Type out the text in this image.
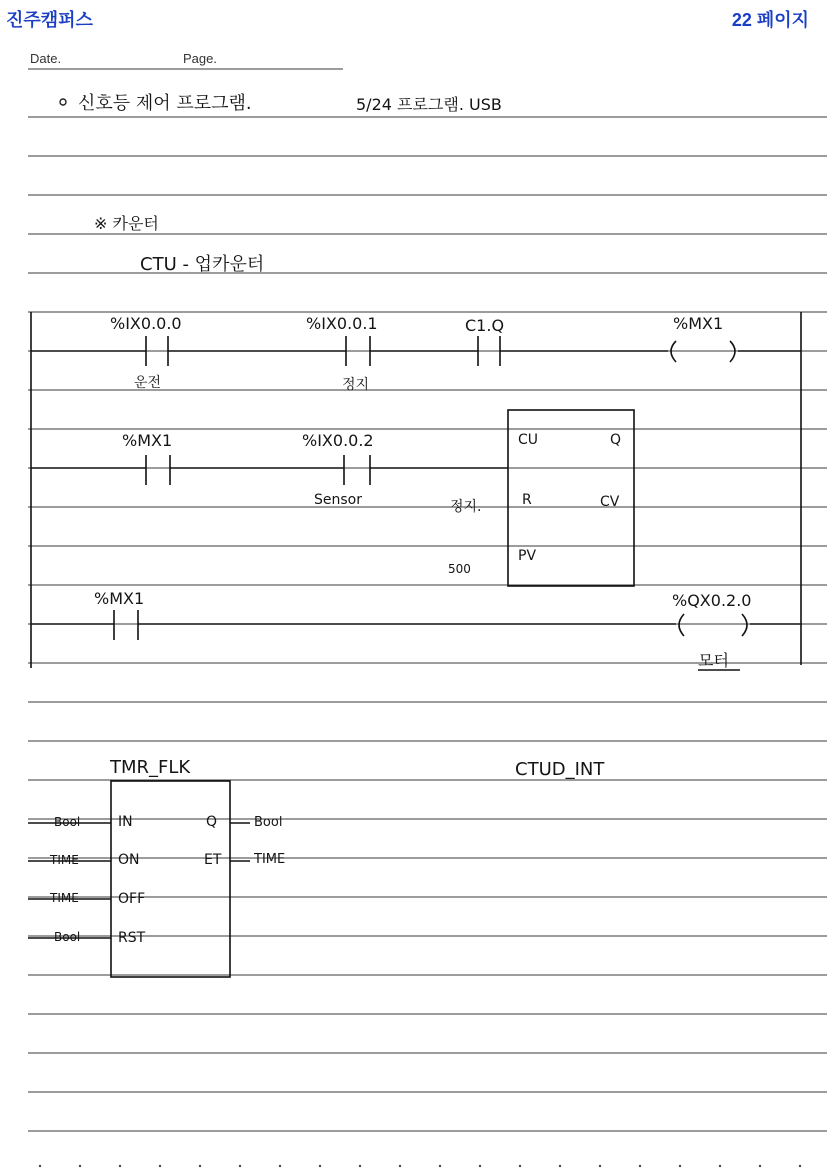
진주캠퍼스	22 페이지
Date.	Page.
신호등 제어 프로그램.	5/24 프로그램. USB
※ 카운터
CTU - 업카운터
%IX0.0.0
운전
%IX0.0.1
정지
C1.Q	%MX1
%MX1	%IX0.0.2
Sensor
CU	Q
R	CV
PV
정지.
500
%MX1	%QX0.2.0
모터
TMR_FLK
Bool	IN
TIME	ON
TIME	OFF
Bool	RST
Q	Bool
ET	TIME
CTUD_INT
